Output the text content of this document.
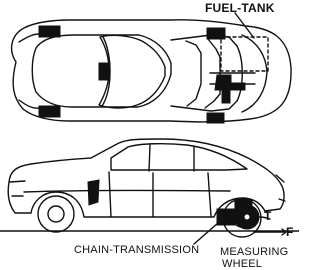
FUEL-TANK
CHAIN-TRANSMISSION MEASURING
WHEEL
T
F
